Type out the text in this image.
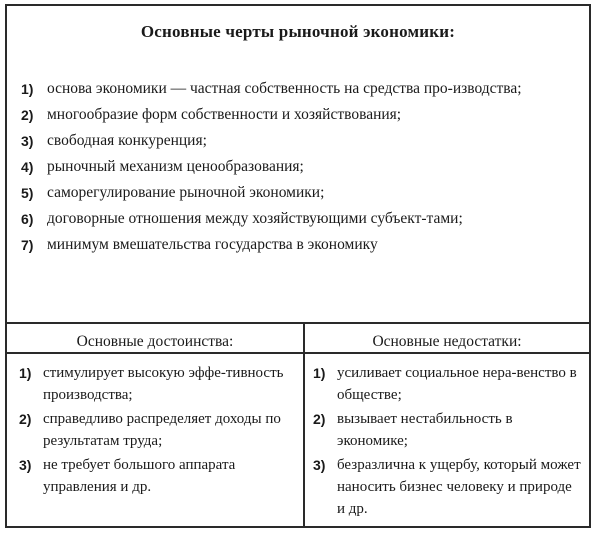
Основные черты рыночной экономики:
1) основа экономики — частная собственность на средства про-изводства;
2) многообразие форм собственности и хозяйствования;
3) свободная конкуренция;
4) рыночный механизм ценообразования;
5) саморегулирование рыночной экономики;
6) договорные отношения между хозяйствующими субъект-тами;
7) минимум вмешательства государства в экономику
Основные достоинства:	Основные недостатки:
1) стимулирует высокую эффе-тивность производства;
2) справедливо распределяет доходы по результатам труда;
3) не требует большого аппарата управления и др.
1) усиливает социальное нера-венство в обществе;
2) вызывает нестабильность в экономике;
3) безразлична к ущербу, который может наносить бизнес человеку и природе и др.
